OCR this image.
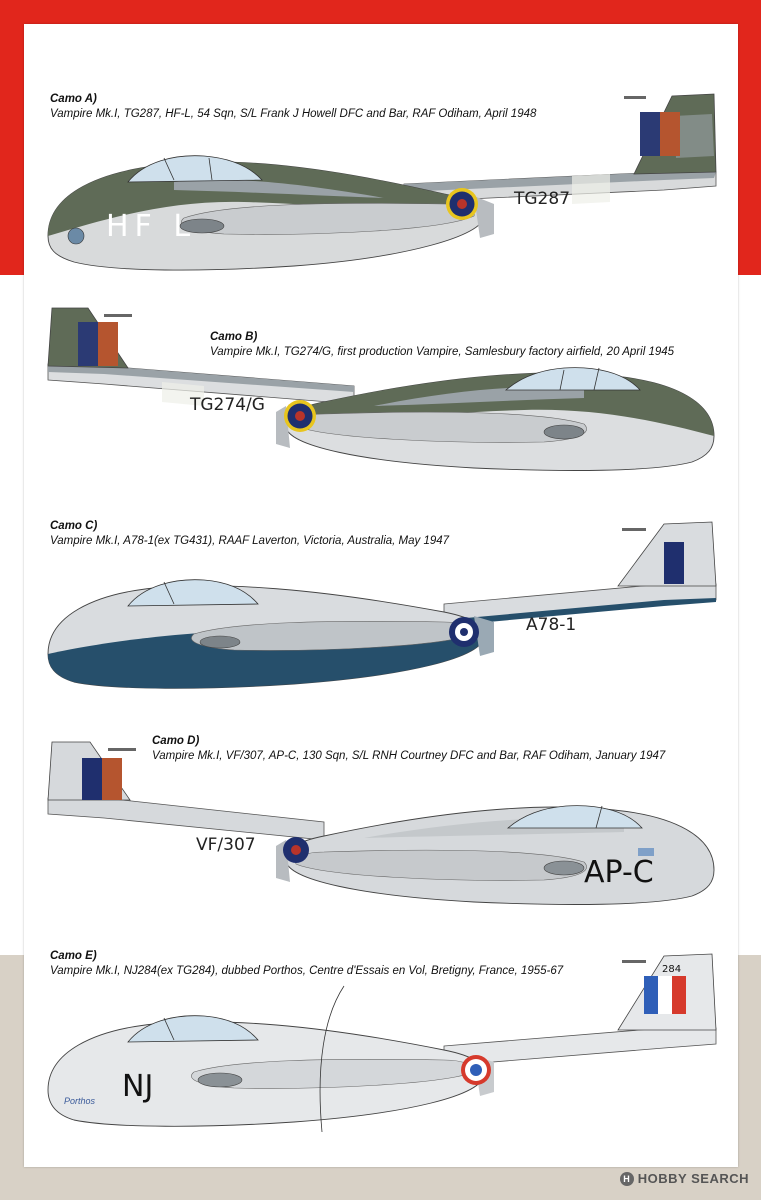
Camo A)
Vampire Mk.I, TG287, HF-L, 54 Sqn, S/L Frank J Howell DFC and Bar, RAF Odiham, April 1948
TG287
HF L
Camo B)
Vampire Mk.I, TG274/G, first production Vampire, Samlesbury factory airfield, 20 April 1945
TG274/G
Camo C)
Vampire Mk.I, A78-1(ex TG431), RAAF Laverton, Victoria, Australia, May 1947
A78-1
Camo D)
Vampire Mk.I, VF/307, AP-C, 130 Sqn, S/L RNH Courtney DFC and Bar, RAF Odiham, January 1947
VF/307
AP-C
Camo E)
Vampire Mk.I, NJ284(ex TG284), dubbed Porthos, Centre d'Essais en Vol, Bretigny, France, 1955-67	284
NJ
Porthos
H HOBBY SEARCH
